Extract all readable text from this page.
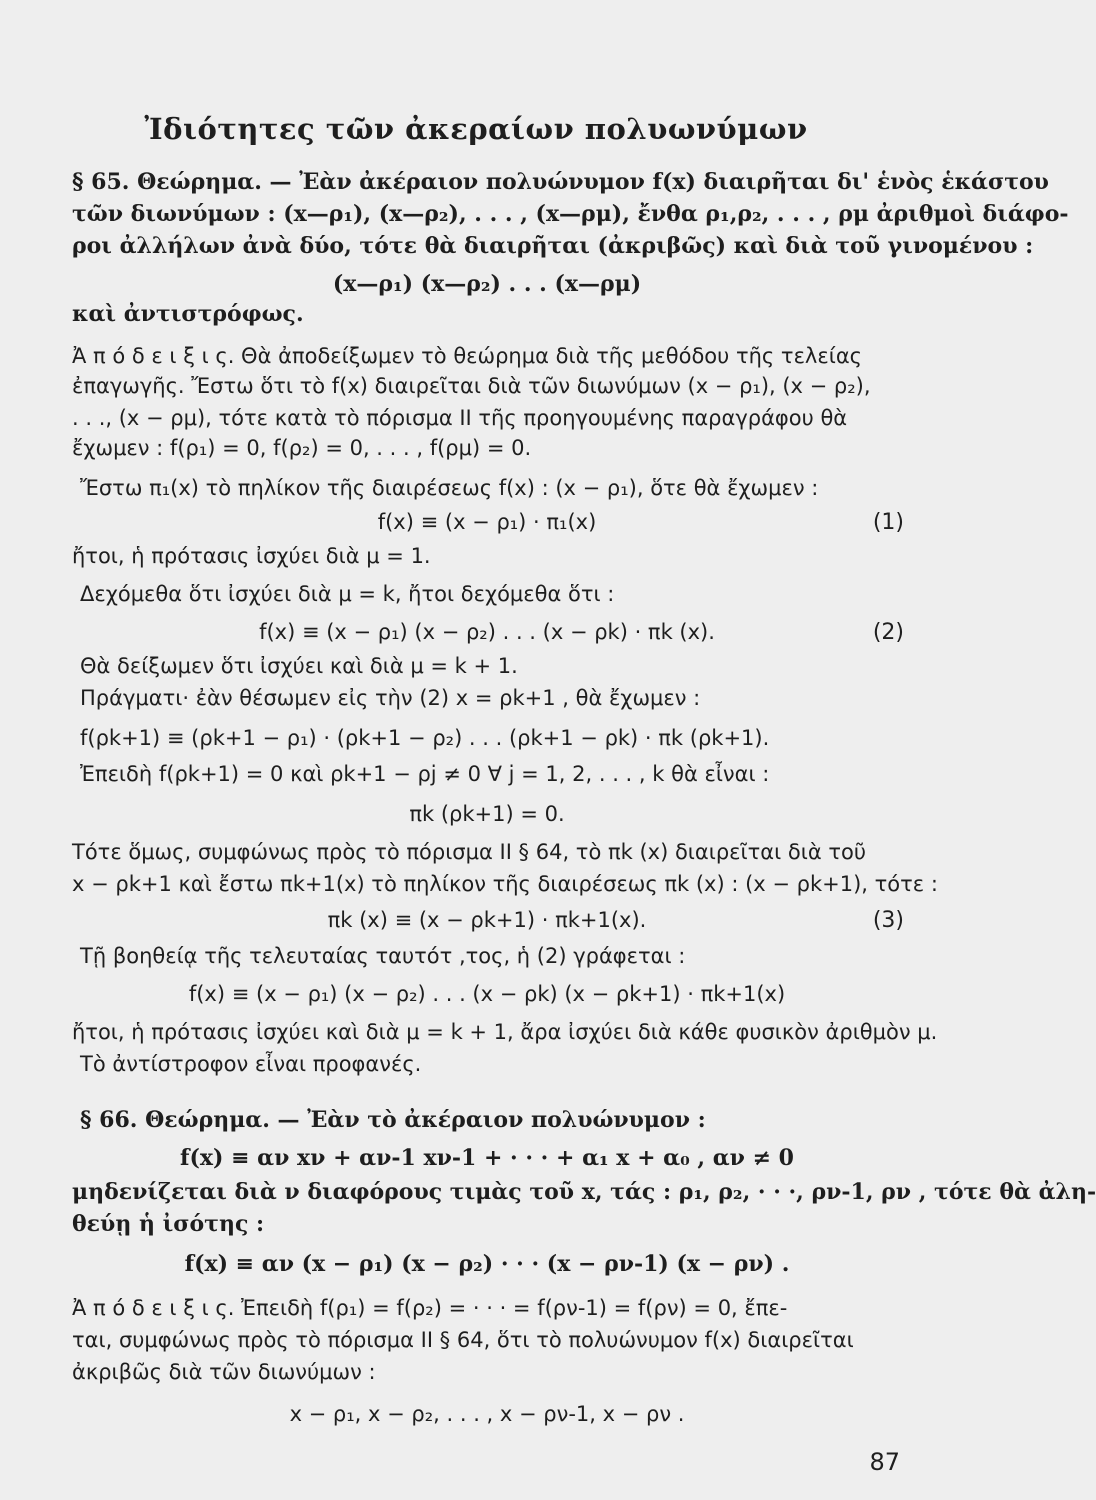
Ἰδιότητες τῶν ἀκεραίων πολυωνύμων
§ 65. Θεώρημα. — Ἐὰν ἀκέραιον πολυώνυμον f(x) διαιρῆται δι' ἑνὸς ἑκάστου
τῶν διωνύμων : (x—ρ₁), (x—ρ₂), . . . , (x—ρμ), ἔνθα ρ₁,ρ₂, . . . , ρμ ἀριθμοὶ διάφο-
ροι ἀλλήλων ἀνὰ δύο, τότε θὰ διαιρῆται (ἀκριβῶς) καὶ διὰ τοῦ γινομένου :
(x—ρ₁) (x—ρ₂) . . . (x—ρμ)
καὶ ἀντιστρόφως.
Ἀ π ό δ ε ι ξ ι ς. Θὰ ἀποδείξωμεν τὸ θεώρημα διὰ τῆς μεθόδου τῆς τελείας
ἐπαγωγῆς. Ἔστω ὅτι τὸ f(x) διαιρεῖται διὰ τῶν διωνύμων (x − ρ₁), (x − ρ₂),
. . ., (x − ρμ), τότε κατὰ τὸ πόρισμα II τῆς προηγουμένης παραγράφου θὰ
ἔχωμεν : f(ρ₁) = 0, f(ρ₂) = 0, . . . , f(ρμ) = 0.
Ἔστω π₁(x) τὸ πηλίκον τῆς διαιρέσεως f(x) : (x − ρ₁), ὅτε θὰ ἔχωμεν :
f(x) ≡ (x − ρ₁) · π₁(x)
ἤτοι, ἡ πρότασις ἰσχύει διὰ μ = 1.
Δεχόμεθα ὅτι ἰσχύει διὰ μ = k, ἤτοι δεχόμεθα ὅτι :
f(x) ≡ (x − ρ₁) (x − ρ₂) . . . (x − ρk) · πk (x).
Θὰ δείξωμεν ὅτι ἰσχύει καὶ διὰ μ = k + 1.
Πράγματι· ἐὰν θέσωμεν εἰς τὴν (2) x = ρk+1 , θὰ ἔχωμεν :
f(ρk+1) ≡ (ρk+1 − ρ₁) · (ρk+1 − ρ₂) . . . (ρk+1 − ρk) · πk (ρk+1).
Ἐπειδὴ f(ρk+1) = 0 καὶ ρk+1 − ρj ≠ 0 ∀ j = 1, 2, . . . , k θὰ εἶναι :
πk (ρk+1) = 0.
Τότε ὅμως, συμφώνως πρὸς τὸ πόρισμα II § 64, τὸ πk (x) διαιρεῖται διὰ τοῦ
x − ρk+1 καὶ ἔστω πk+1(x) τὸ πηλίκον τῆς διαιρέσεως πk (x) : (x − ρk+1), τότε :
πk (x) ≡ (x − ρk+1) · πk+1(x).
Τῇ βοηθείᾳ τῆς τελευταίας ταυτότ ,τος, ἡ (2) γράφεται :
f(x) ≡ (x − ρ₁) (x − ρ₂) . . . (x − ρk) (x − ρk+1) · πk+1(x)
ἤτοι, ἡ πρότασις ἰσχύει καὶ διὰ μ = k + 1, ἄρα ἰσχύει διὰ κάθε φυσικὸν ἀριθμὸν μ.
Τὸ ἀντίστροφον εἶναι προφανές.
§ 66. Θεώρημα. — Ἐὰν τὸ ἀκέραιον πολυώνυμον :
f(x) ≡ αν xν + αν-1 xν-1 + · · · + α₁ x + α₀ , αν ≠ 0
μηδενίζεται διὰ ν διαφόρους τιμὰς τοῦ x, τάς : ρ₁, ρ₂, · · ·, ρν-1, ρν , τότε θὰ ἀλη-
θεύῃ ἡ ἰσότης :
f(x) ≡ αν (x − ρ₁) (x − ρ₂) · · · (x − ρν-1) (x − ρν) .
Ἀ π ό δ ε ι ξ ι ς. Ἐπειδὴ f(ρ₁) = f(ρ₂) = · · · = f(ρν-1) = f(ρν) = 0, ἔπε-
ται, συμφώνως πρὸς τὸ πόρισμα II § 64, ὅτι τὸ πολυώνυμον f(x) διαιρεῖται
ἀκριβῶς διὰ τῶν διωνύμων :
x − ρ₁, x − ρ₂, . . . , x − ρν-1, x − ρν .
(1)
(2)
(3)
87
